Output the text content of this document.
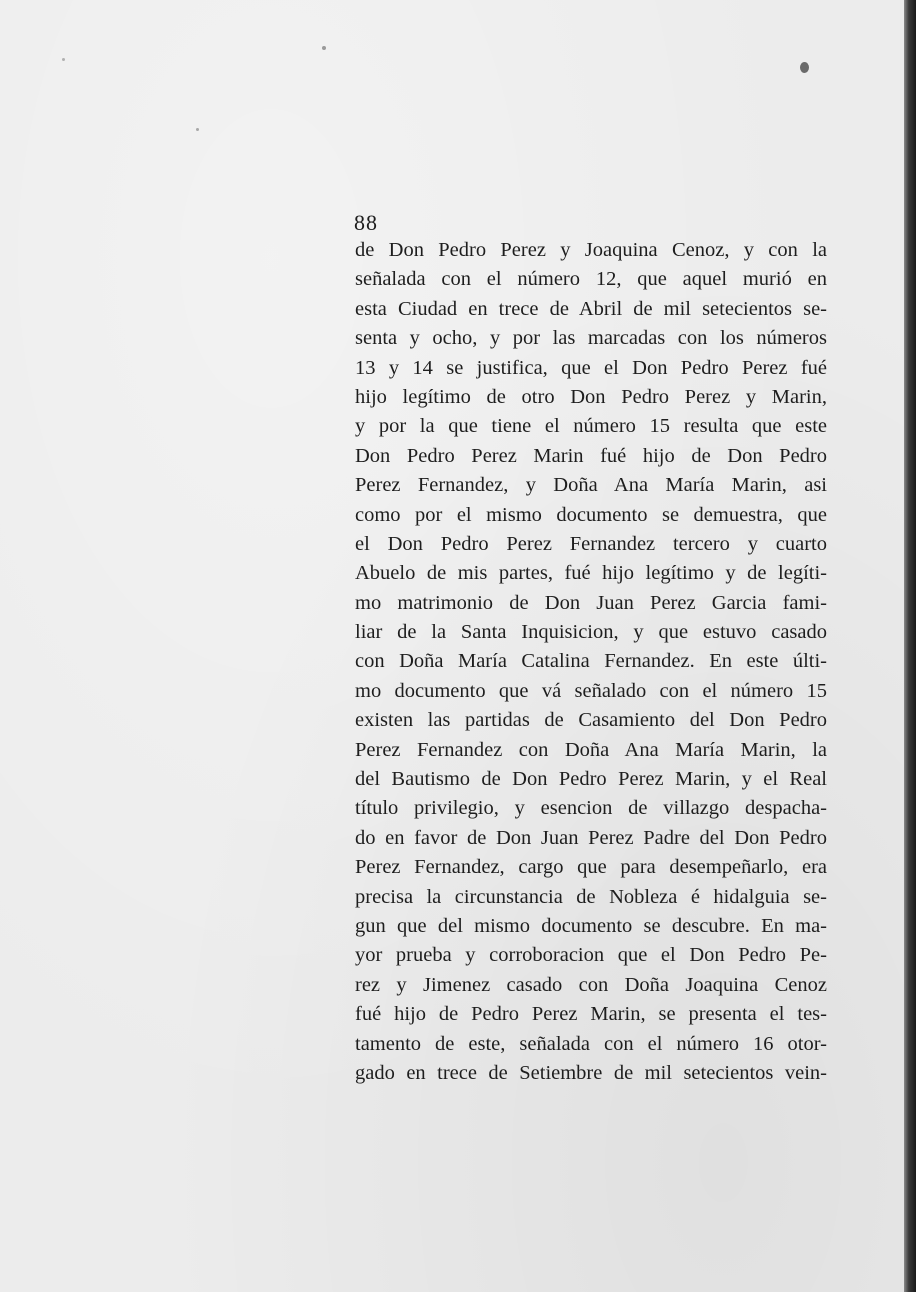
88
de Don Pedro Perez y Joaquina Cenoz, y con la
señalada con el número 12, que aquel murió en
esta Ciudad en trece de Abril de mil setecientos se-
senta y ocho, y por las marcadas con los números
13 y 14 se justifica, que el Don Pedro Perez fué
hijo legítimo de otro Don Pedro Perez y Marin,
y por la que tiene el número 15 resulta que este
Don Pedro Perez Marin fué hijo de Don Pedro
Perez Fernandez, y Doña Ana María Marin, asi
como por el mismo documento se demuestra, que
el Don Pedro Perez Fernandez tercero y cuarto
Abuelo de mis partes, fué hijo legítimo y de legíti-
mo matrimonio de Don Juan Perez Garcia fami-
liar de la Santa Inquisicion, y que estuvo casado
con Doña María Catalina Fernandez. En este últi-
mo documento que vá señalado con el número 15
existen las partidas de Casamiento del Don Pedro
Perez Fernandez con Doña Ana María Marin, la
del Bautismo de Don Pedro Perez Marin, y el Real
título privilegio, y esencion de villazgo despacha-
do en favor de Don Juan Perez Padre del Don Pedro
Perez Fernandez, cargo que para desempeñarlo, era
precisa la circunstancia de Nobleza é hidalguia se-
gun que del mismo documento se descubre. En ma-
yor prueba y corroboracion que el Don Pedro Pe-
rez y Jimenez casado con Doña Joaquina Cenoz
fué hijo de Pedro Perez Marin, se presenta el tes-
tamento de este, señalada con el número 16 otor-
gado en trece de Setiembre de mil setecientos vein-
